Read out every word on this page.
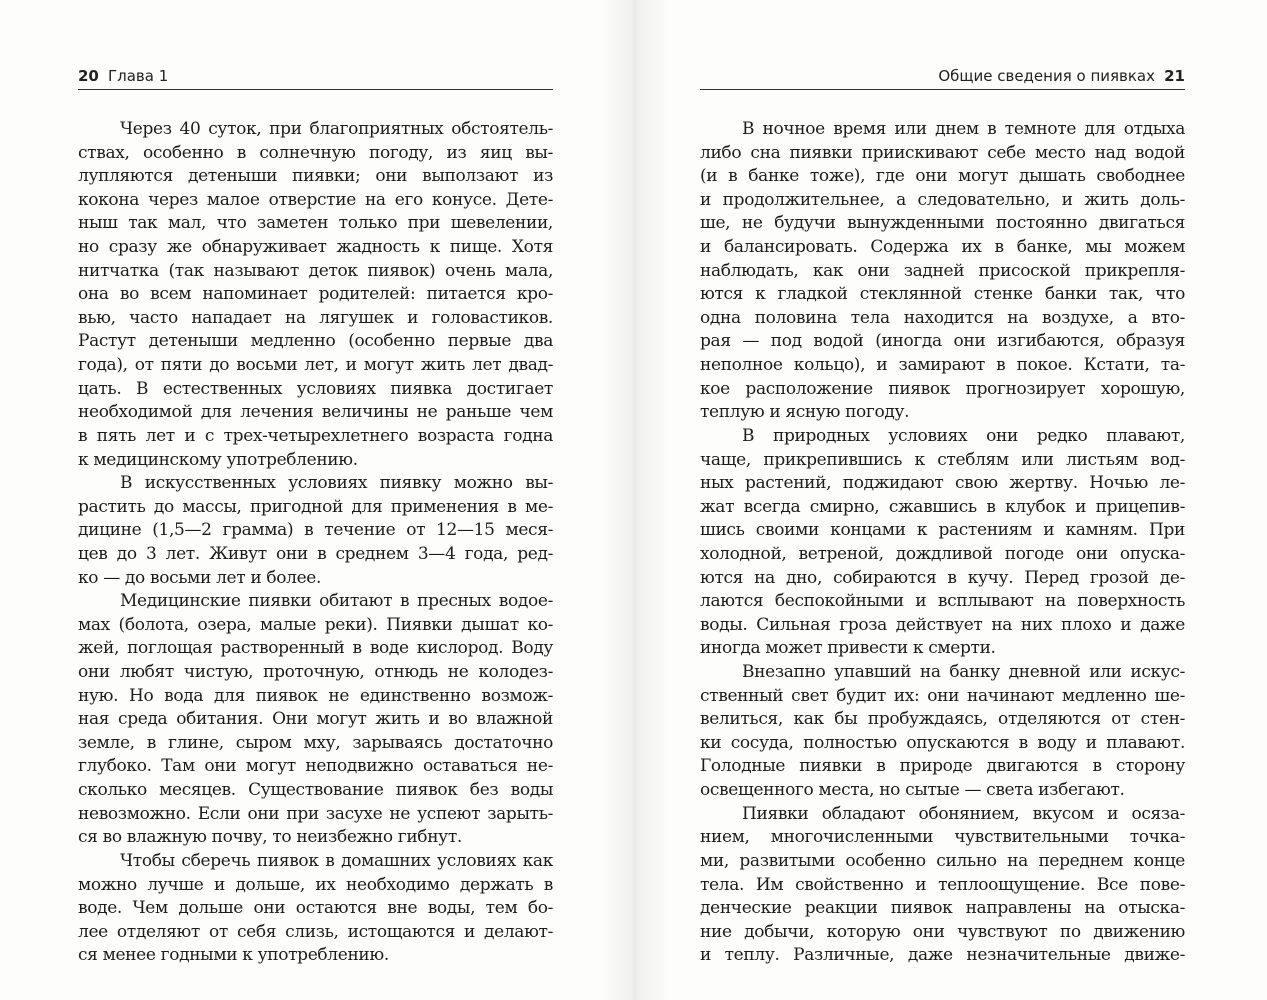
20 Глава 1
Через 40 суток, при благоприятных обстоятель-
ствах, особенно в солнечную погоду, из яиц вы-
лупляются детеныши пиявки; они выползают из
кокона через малое отверстие на его конусе. Дете-
ныш так мал, что заметен только при шевелении,
но сразу же обнаруживает жадность к пище. Хотя
нитчатка (так называют деток пиявок) очень мала,
она во всем напоминает родителей: питается кро-
вью, часто нападает на лягушек и головастиков.
Растут детеныши медленно (особенно первые два
года), от пяти до восьми лет, и могут жить лет двад-
цать. В естественных условиях пиявка достигает
необходимой для лечения величины не раньше чем
в пять лет и с трех-четырехлетнего возраста годна
к медицинскому употреблению.
В искусственных условиях пиявку можно вы-
растить до массы, пригодной для применения в ме-
дицине (1,5—2 грамма) в течение от 12—15 меся-
цев до 3 лет. Живут они в среднем 3—4 года, ред-
ко — до восьми лет и более.
Медицинские пиявки обитают в пресных водое-
мах (болота, озера, малые реки). Пиявки дышат ко-
жей, поглощая растворенный в воде кислород. Воду
они любят чистую, проточную, отнюдь не колодез-
ную. Но вода для пиявок не единственно возмож-
ная среда обитания. Они могут жить и во влажной
земле, в глине, сыром мху, зарываясь достаточно
глубоко. Там они могут неподвижно оставаться не-
сколько месяцев. Существование пиявок без воды
невозможно. Если они при засухе не успеют зарыть-
ся во влажную почву, то неизбежно гибнут.
Чтобы сберечь пиявок в домашних условиях как
можно лучше и дольше, их необходимо держать в
воде. Чем дольше они остаются вне воды, тем бо-
лее отделяют от себя слизь, истощаются и делают-
ся менее годными к употреблению.
Общие сведения о пиявках 21
В ночное время или днем в темноте для отдыха
либо сна пиявки приискивают себе место над водой
(и в банке тоже), где они могут дышать свободнее
и продолжительнее, а следовательно, и жить доль-
ше, не будучи вынужденными постоянно двигаться
и балансировать. Содержа их в банке, мы можем
наблюдать, как они задней присоской прикрепля-
ются к гладкой стеклянной стенке банки так, что
одна половина тела находится на воздухе, а вто-
рая — под водой (иногда они изгибаются, образуя
неполное кольцо), и замирают в покое. Кстати, та-
кое расположение пиявок прогнозирует хорошую,
теплую и ясную погоду.
В природных условиях они редко плавают,
чаще, прикрепившись к стеблям или листьям вод-
ных растений, поджидают свою жертву. Ночью ле-
жат всегда смирно, сжавшись в клубок и прицепив-
шись своими концами к растениям и камням. При
холодной, ветреной, дождливой погоде они опуска-
ются на дно, собираются в кучу. Перед грозой де-
лаются беспокойными и всплывают на поверхность
воды. Сильная гроза действует на них плохо и даже
иногда может привести к смерти.
Внезапно упавший на банку дневной или искус-
ственный свет будит их: они начинают медленно ше-
велиться, как бы пробуждаясь, отделяются от стен-
ки сосуда, полностью опускаются в воду и плавают.
Голодные пиявки в природе двигаются в сторону
освещенного места, но сытые — света избегают.
Пиявки обладают обонянием, вкусом и осяза-
нием, многочисленными чувствительными точка-
ми, развитыми особенно сильно на переднем конце
тела. Им свойственно и теплоощущение. Все пове-
денческие реакции пиявок направлены на отыска-
ние добычи, которую они чувствуют по движению
и теплу. Различные, даже незначительные движе-
